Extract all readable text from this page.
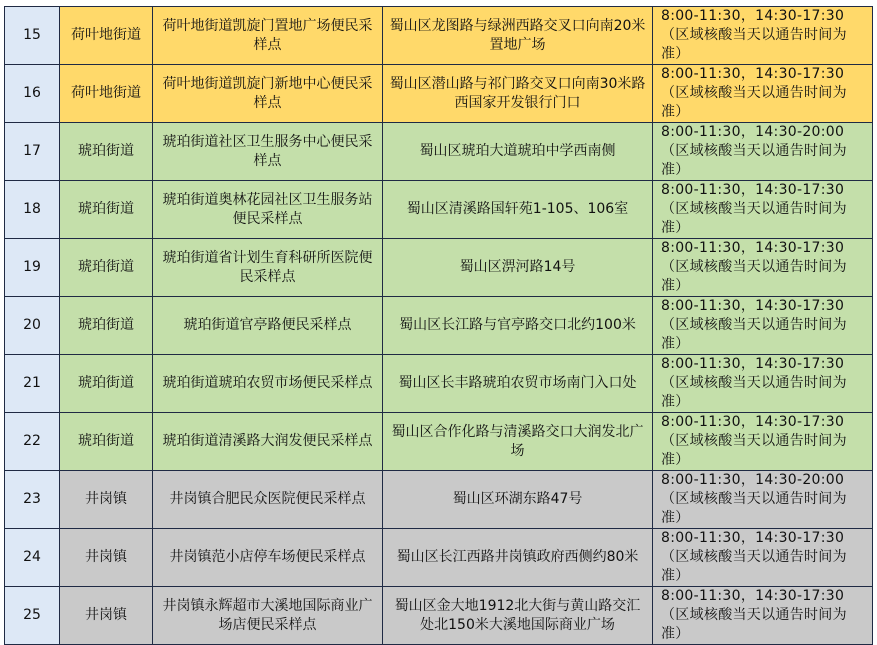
15	荷叶地街道	荷叶地街道凯旋门置地广场便民采样点	蜀山区龙图路与绿洲西路交叉口向南20米置地广场	8:00-11:30，14:30-17:30（区域核酸当天以通告时间为准）
16	荷叶地街道	荷叶地街道凯旋门新地中心便民采样点	蜀山区潜山路与祁门路交叉口向南30米路西国家开发银行门口	8:00-11:30，14:30-17:30（区域核酸当天以通告时间为准）
17	琥珀街道	琥珀街道社区卫生服务中心便民采样点	蜀山区琥珀大道琥珀中学西南侧	8:00-11:30，14:30-20:00（区域核酸当天以通告时间为准）
18	琥珀街道	琥珀街道奥林花园社区卫生服务站便民采样点	蜀山区清溪路国轩苑1-105、106室	8:00-11:30，14:30-17:30（区域核酸当天以通告时间为准）
19	琥珀街道	琥珀街道省计划生育科研所医院便民采样点	蜀山区淠河路14号	8:00-11:30，14:30-17:30（区域核酸当天以通告时间为准）
20	琥珀街道	琥珀街道官亭路便民采样点	蜀山区长江路与官亭路交口北约100米	8:00-11:30，14:30-17:30（区域核酸当天以通告时间为准）
21	琥珀街道	琥珀街道琥珀农贸市场便民采样点	蜀山区长丰路琥珀农贸市场南门入口处	8:00-11:30，14:30-17:30（区域核酸当天以通告时间为准）
22	琥珀街道	琥珀街道清溪路大润发便民采样点	蜀山区合作化路与清溪路交口大润发北广场	8:00-11:30，14:30-17:30（区域核酸当天以通告时间为准）
23	井岗镇	井岗镇合肥民众医院便民采样点	蜀山区环湖东路47号	8:00-11:30，14:30-20:00（区域核酸当天以通告时间为准）
24	井岗镇	井岗镇范小店停车场便民采样点	蜀山区长江西路井岗镇政府西侧约80米	8:00-11:30，14:30-17:30（区域核酸当天以通告时间为准）
25	井岗镇	井岗镇永辉超市大溪地国际商业广场店便民采样点	蜀山区金大地1912北大街与黄山路交汇处北150米大溪地国际商业广场	8:00-11:30，14:30-17:30（区域核酸当天以通告时间为准）
